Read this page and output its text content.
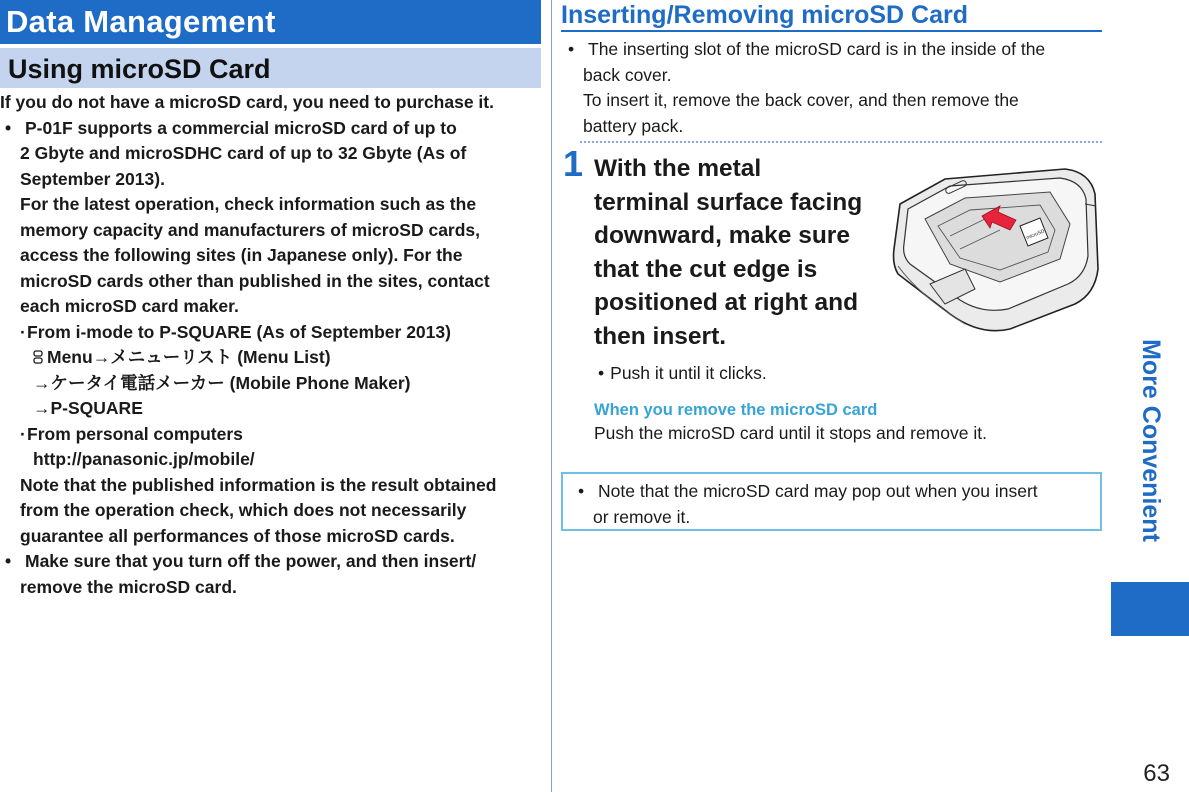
Data Management
Using microSD Card

If you do not have a microSD card, you need to purchase it.

• P-01F supports a commercial microSD card of up to

2 Gbyte and microSDHC card of up to 32 Gbyte (As of

September 2013).

For the latest operation, check information such as the

memory capacity and manufacturers of microSD cards,

access the following sites (in Japanese only). For the

microSD cards other than published in the sites, contact

each microSD card maker.

·From i-mode to P-SQUARE (As of September 2013)

Menu→メニューリスト (Menu List)

→ケータイ電話メーカー (Mobile Phone Maker)

→P-SQUARE

·From personal computers

http://panasonic.jp/mobile/

Note that the published information is the result obtained

from the operation check, which does not necessarily

guarantee all performances of those microSD cards.

• Make sure that you turn off the power, and then insert/

remove the microSD card.

Inserting/Removing microSD Card

• The inserting slot of the microSD card is in the inside of the

back cover.

To insert it, remove the back cover, and then remove the

battery pack.

1 With the metal

terminal surface facing

downward, make sure

that the cut edge is

positioned at right and

then insert.

• Push it until it clicks.
When you remove the microSD card
Push the microSD card until it stops and remove it.

• Note that the microSD card may pop out when you insert

or remove it.

microSD
More Convenient
63
